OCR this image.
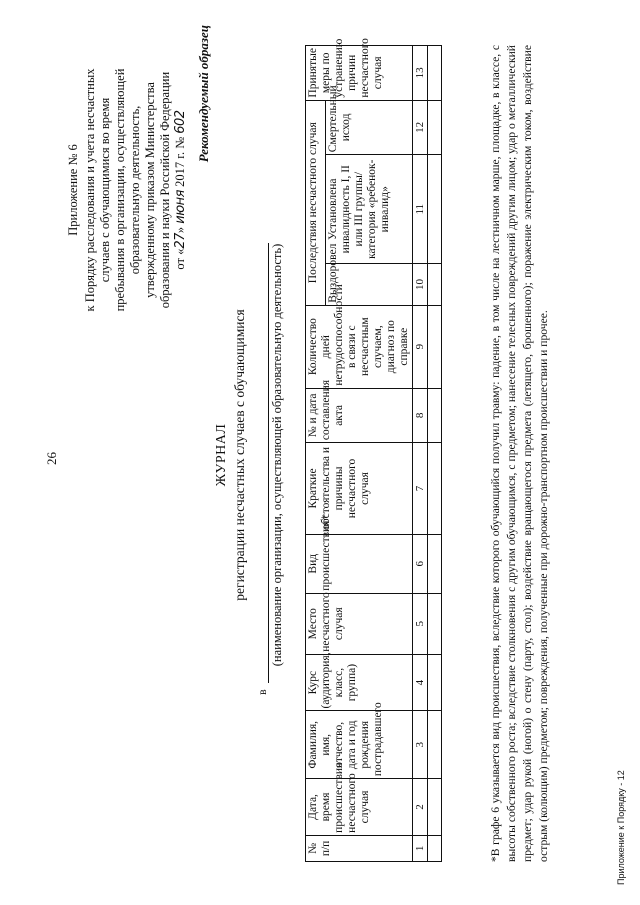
26
Приложение № 6 к Порядку расследования и учета несчастных случаев с обучающимися во время пребывания в организации, осуществляющей образовательную деятельность, утвержденному приказом Министерства образования и науки Российской Федерации от «27» июня 2017 г. № 602 Рекомендуемый образец
ЖУРНАЛ регистрации несчастных случаев с обучающимися
в
(наименование организации, осуществляющей образовательную деятельность)
№ п/п	Дата, время происшествия несчастного случая	Фамилия, имя, отчество, дата и год рождения пострадавшего	Курс (аудитория, класс, группа)	Место несчастного случая	Вид происшествия*	Краткие обстоятельства и причины несчастного случая	№ и дата составления акта	Количество дней нетрудоспособности в связи с несчастным случаем, диагноз по справке	Последствия несчастного случая			Принятые меры по устранению причин несчастного случая
									Выздоровел	Установлена инвалидность I, II или III группы/категория «ребенок-инвалид»	Смертельный исход	
1	2	3	4	5	6	7	8	9	10	11	12	13
													*В графе 6 указывается вид происшествия, вследствие которого обучающийся получил травму: падение, в том числе на лестничном марше, площадке, в классе, с высоты собственного роста; вследствие столкновения с другим обучающимся, с предметом; нанесение телесных повреждений другим лицом; удар о металлический предмет; удар рукой (ногой) о стену (парту, стол); воздействие вращающегося предмета (летящего, брошенного); поражение электрическим током, воздействие острым (колющим) предметом; повреждения, полученные при дорожно-транспортном происшествии и прочее.	Приложение к Порядку - 12
